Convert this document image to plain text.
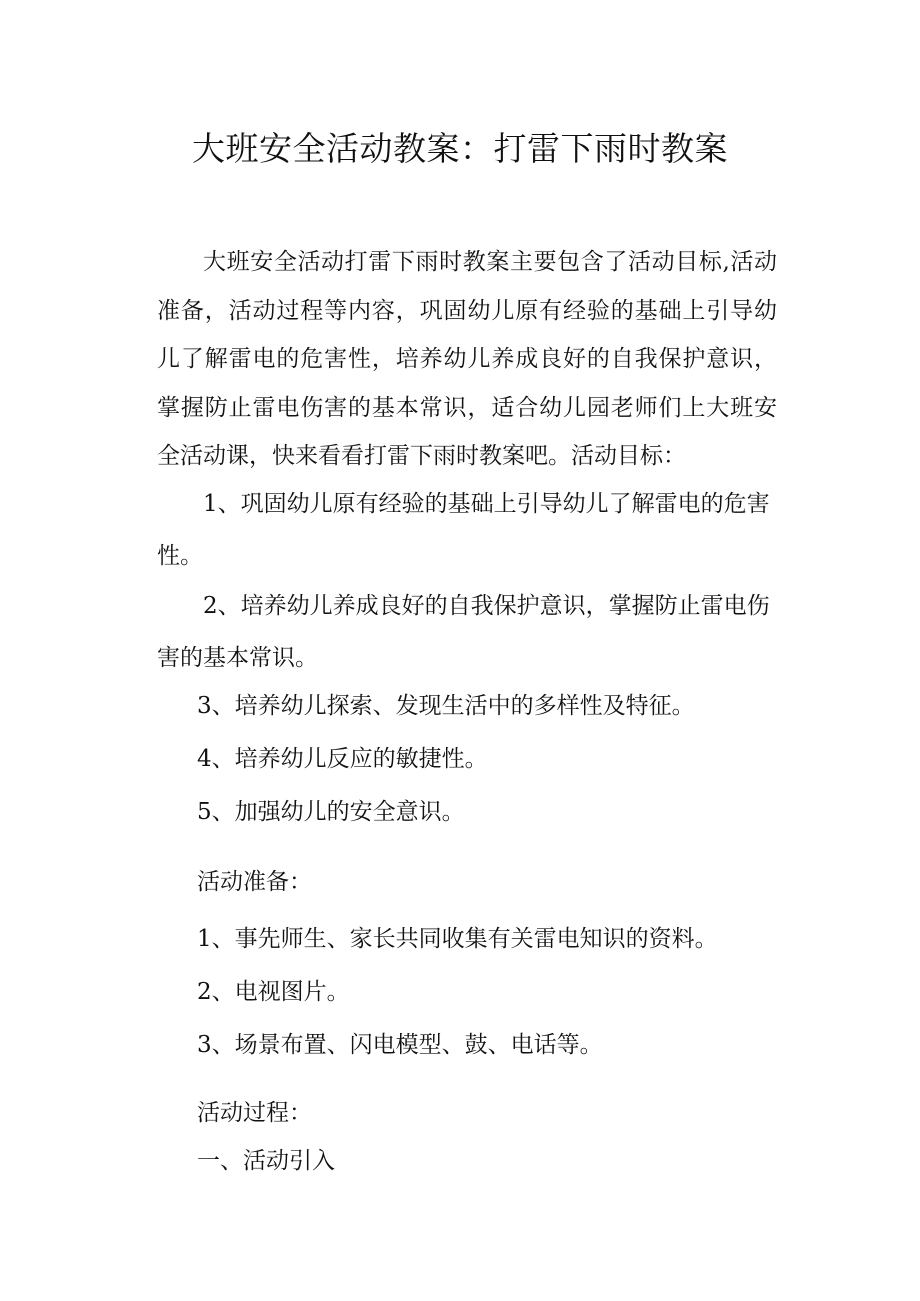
大班安全活动教案：打雷下雨时教案

大班安全活动打雷下雨时教案主要包含了活动目标,活动准备，活动过程等内容，巩固幼儿原有经验的基础上引导幼儿了解雷电的危害性，培养幼儿养成良好的自我保护意识，掌握防止雷电伤害的基本常识，适合幼儿园老师们上大班安全活动课，快来看看打雷下雨时教案吧。活动目标：

1、巩固幼儿原有经验的基础上引导幼儿了解雷电的危害性。

2、培养幼儿养成良好的自我保护意识，掌握防止雷电伤害的基本常识。

3、培养幼儿探索、发现生活中的多样性及特征。

4、培养幼儿反应的敏捷性。

5、加强幼儿的安全意识。

活动准备：

1、事先师生、家长共同收集有关雷电知识的资料。

2、电视图片。

3、场景布置、闪电模型、鼓、电话等。

活动过程：

一、活动引入
